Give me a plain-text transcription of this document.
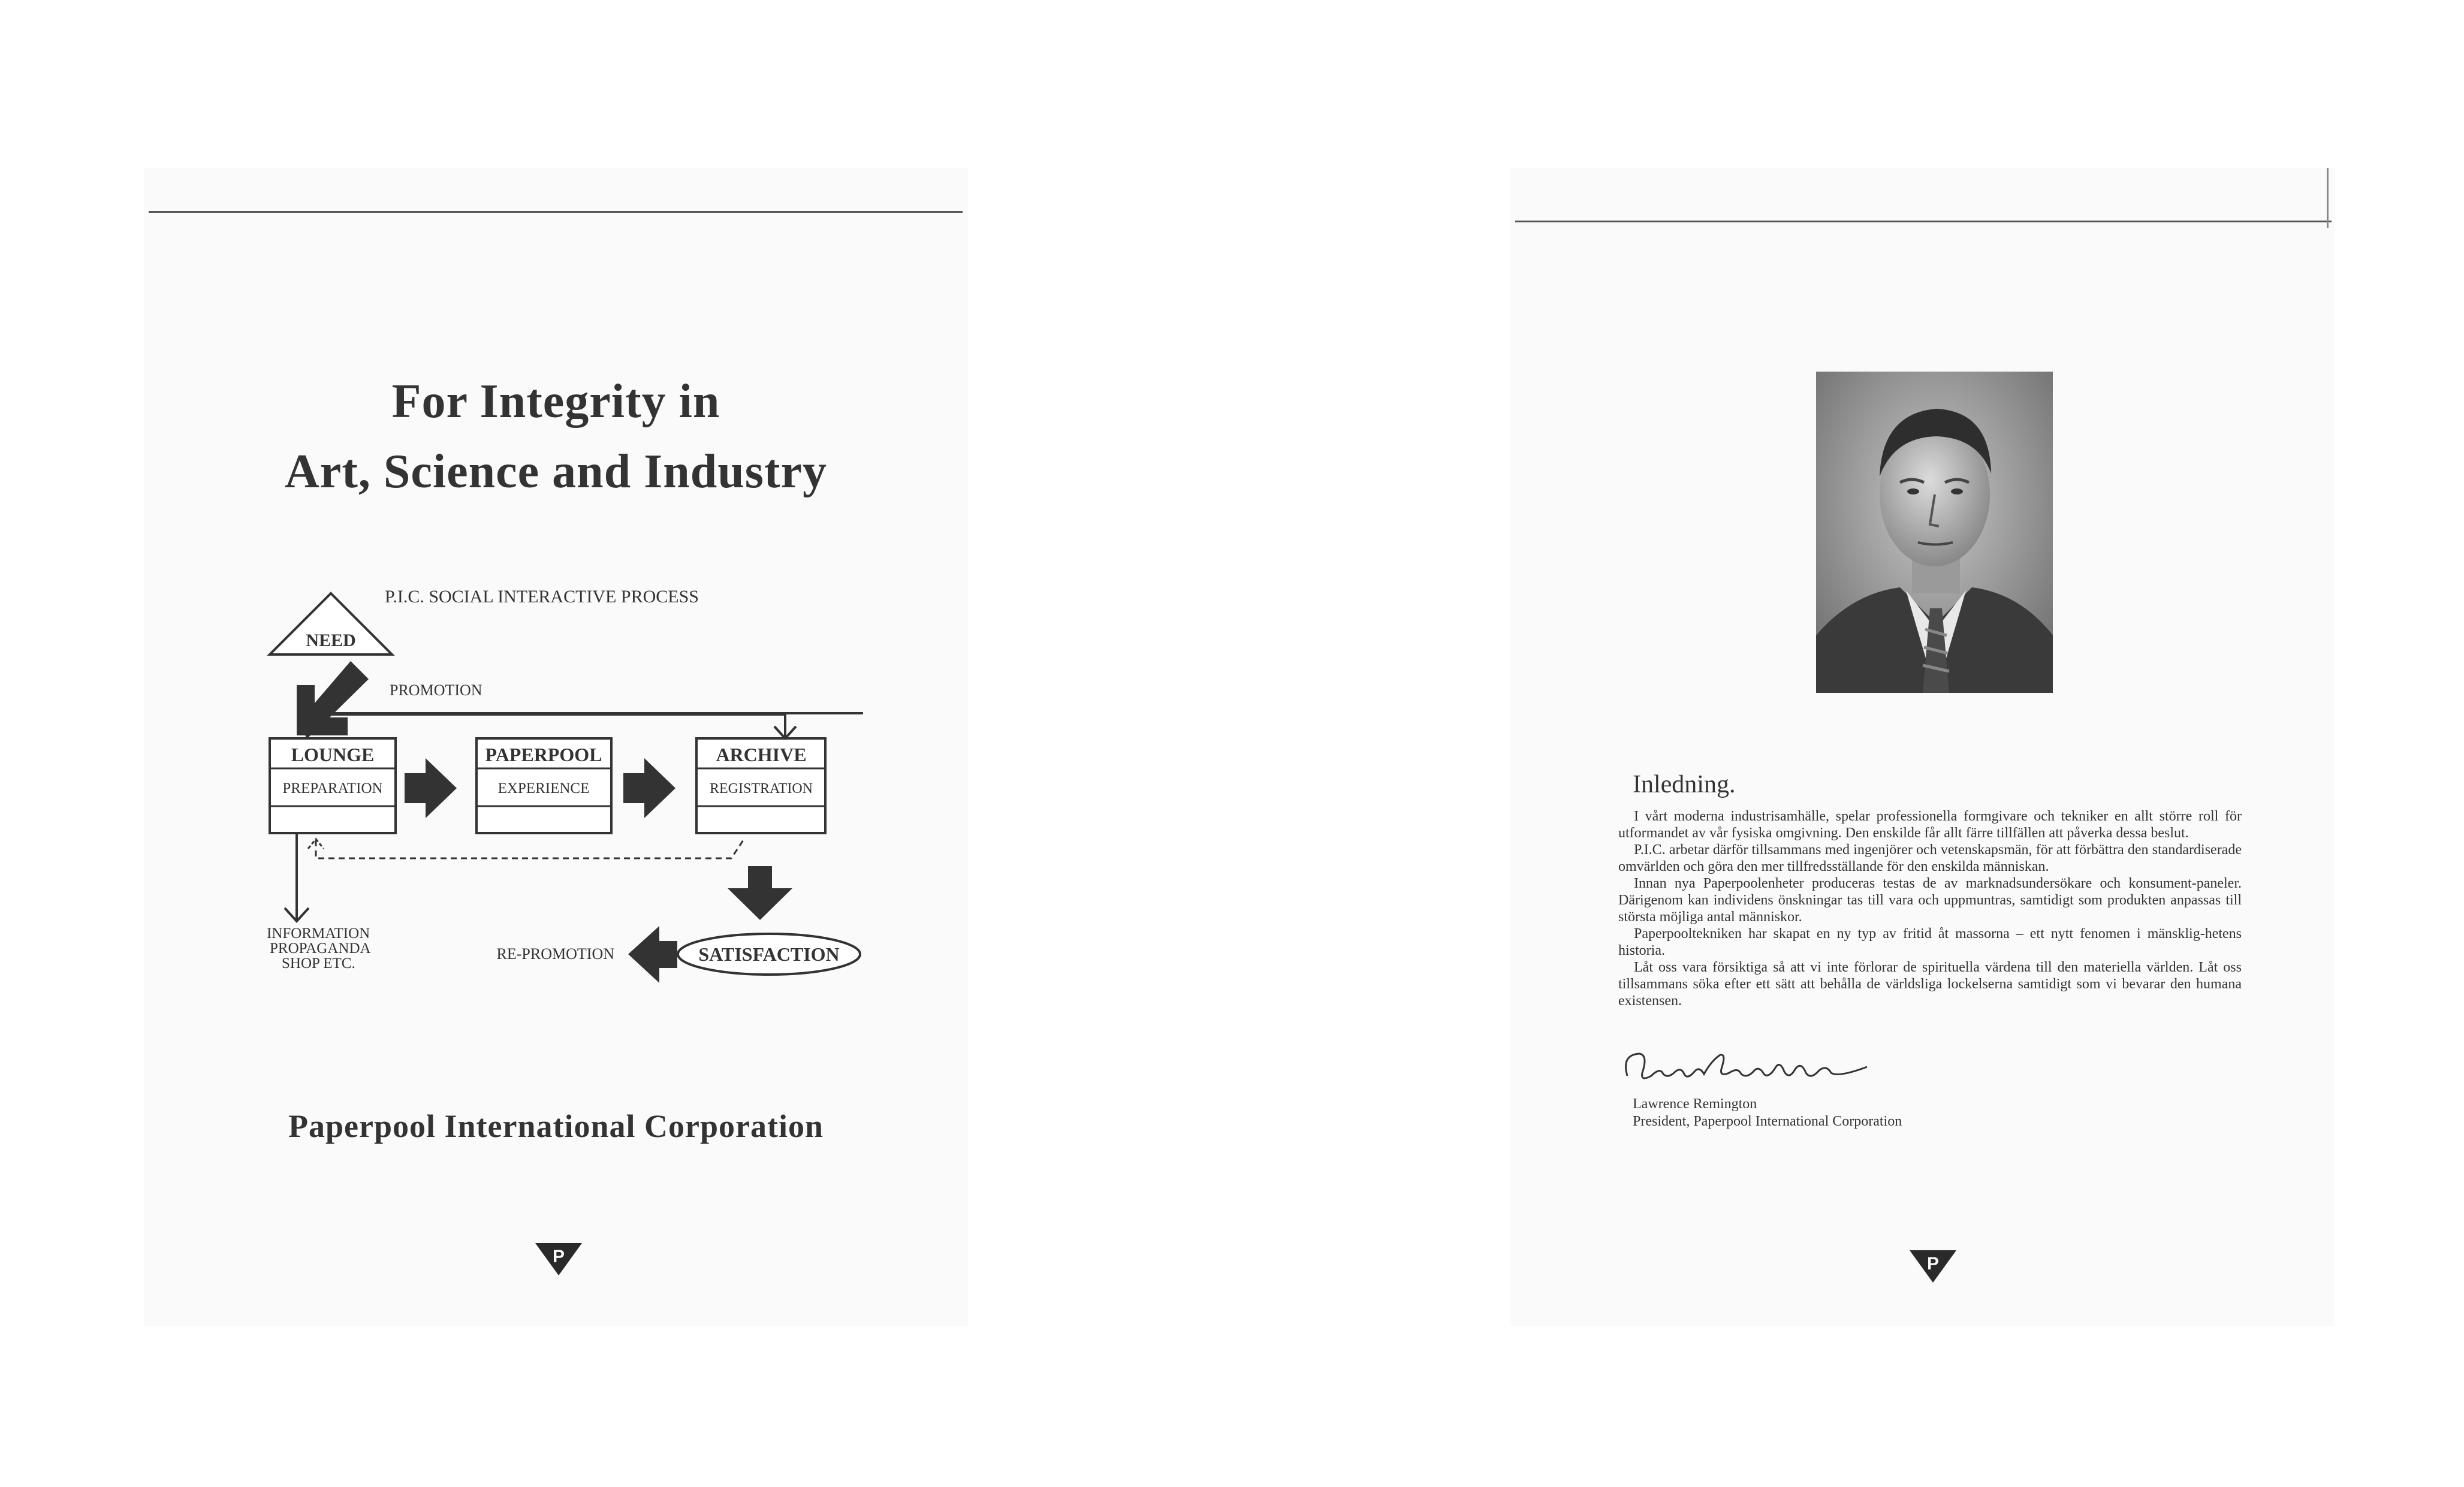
For Integrity in
Art, Science and Industry
P.I.C. SOCIAL INTERACTIVE PROCESS
NEED
PROMOTION
LOUNGE
PREPARATION
PAPERPOOL
EXPERIENCE
ARCHIVE
REGISTRATION
INFORMATION
PROPAGANDA
SHOP ETC.	SATISFACTION
RE-PROMOTION
Paperpool International Corporation
P
Inledning.

I vårt moderna industrisamhälle, spelar professionella formgivare och tekniker en allt större roll för utformandet av vår fysiska omgivning. Den enskilde får allt färre tillfällen att påverka dessa beslut.

P.I.C. arbetar därför tillsammans med ingenjörer och vetenskapsmän, för att förbättra den standardiserade omvärlden och göra den mer tillfredsställande för den enskilda människan.

Innan nya Paperpoolenheter produceras testas de av marknadsundersökare och konsument-paneler. Därigenom kan individens önskningar tas till vara och uppmuntras, samtidigt som produkten anpassas till största möjliga antal människor.

Paperpooltekniken har skapat en ny typ av fritid åt massorna – ett nytt fenomen i mänsklig-hetens historia.

Låt oss vara försiktiga så att vi inte förlorar de spirituella värdena till den materiella världen. Låt oss tillsammans söka efter ett sätt att behålla de världsliga lockelserna samtidigt som vi bevarar den humana existensen.

Lawrence Remington
President, Paperpool International Corporation
P
